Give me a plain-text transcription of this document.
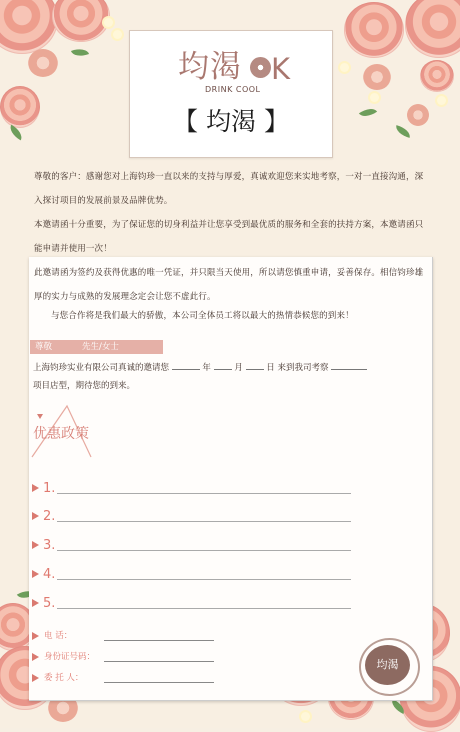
均渴 K
DRINK COOL
【 均渴 】
尊敬的客户：感谢您对上海钧珍一直以来的支持与厚爱，真诚欢迎您来实地考察，一对一直接沟通，深入探讨项目的发展前景及品牌优势。
本邀请函十分重要，为了保证您的切身利益并让您享受到最优质的服务和全套的扶持方案，本邀请函只能申请并使用一次！
此邀请函为签约及获得优惠的唯一凭证，并只限当天使用，所以请您慎重申请，妥善保存。相信钧珍雄厚的实力与成熟的发展理念定会让您不虚此行。
与您合作将是我们最大的骄傲，本公司全体员工将以最大的热情恭候您的到来！
尊敬	先生/女士
上海钧珍实业有限公司真诚的邀请您	年	月	日 来到我司考察
项目店型，期待您的到来。
优惠政策
1.
2.
3.
4.
5.
电 话：
身份证号码：
委 托 人：
均渴
